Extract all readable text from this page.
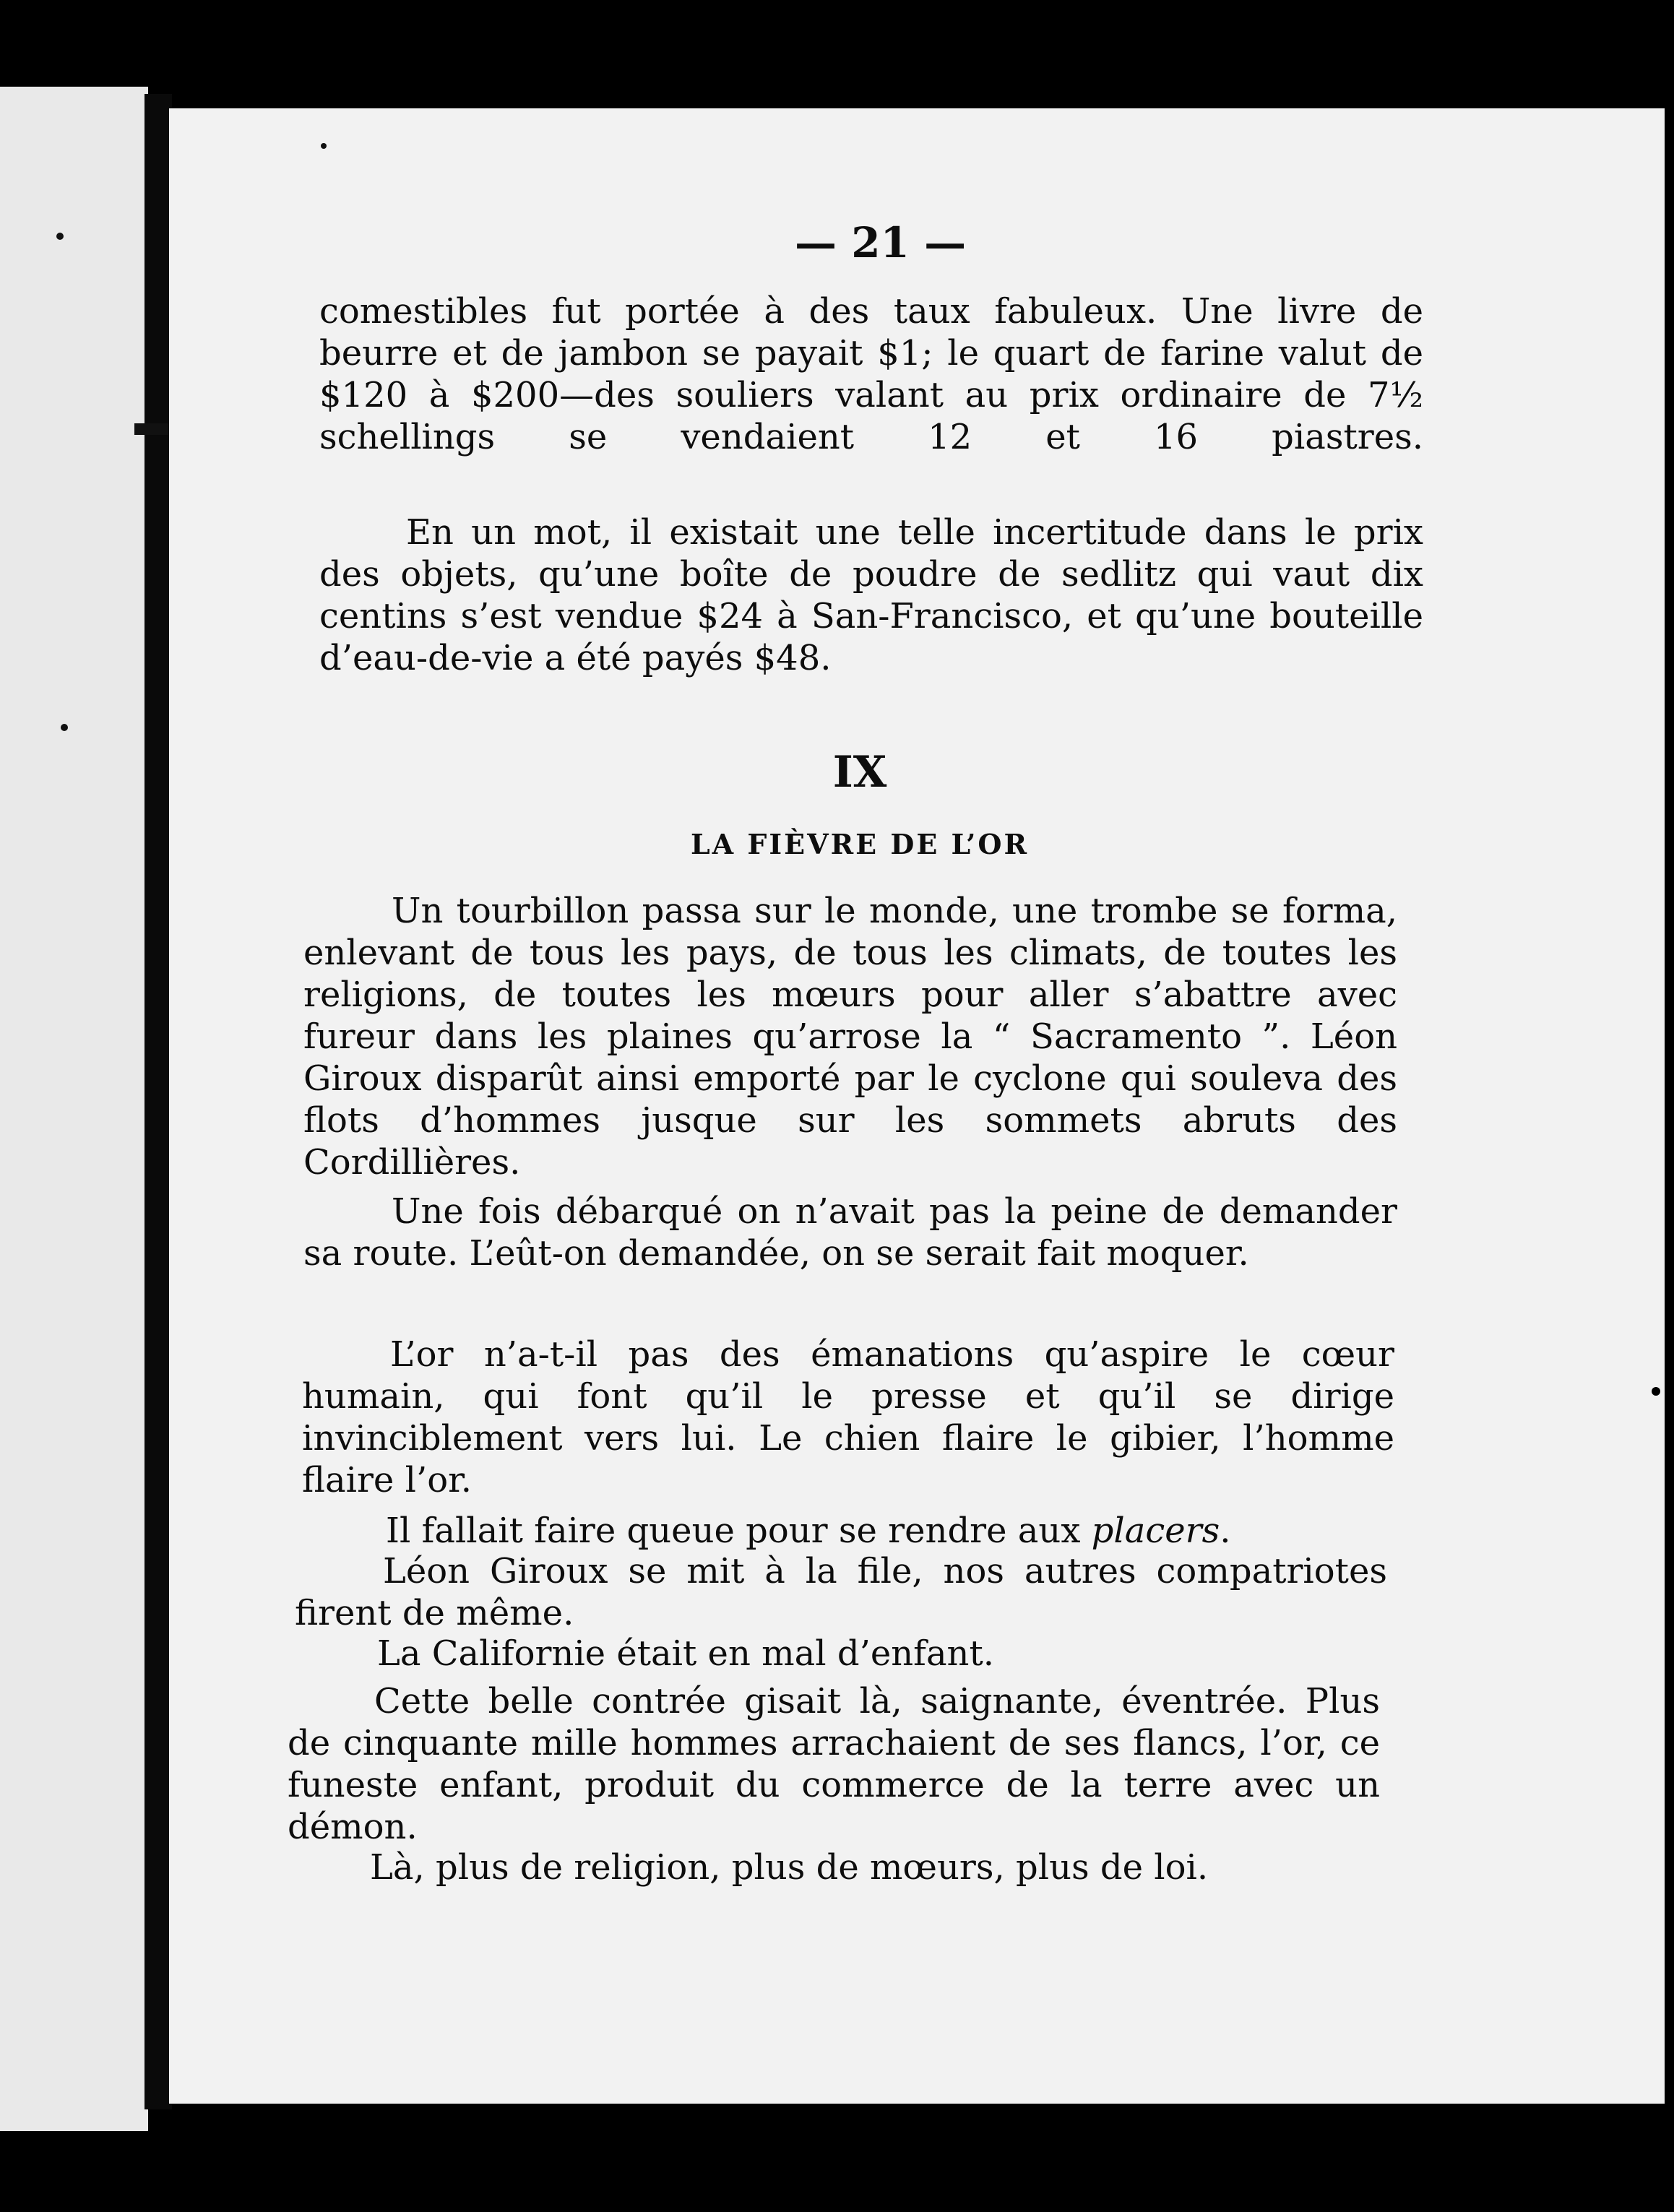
— 21 —

comestibles fut portée à des taux fabuleux. Une livre de beurre et de jambon se payait $1; le quart de farine valut de $120 à $200—des souliers valant au prix ordinaire de 7½ schellings se vendaient 12 et 16 piastres.

En un mot, il existait une telle incertitude dans le prix des objets, qu’une boîte de poudre de sedlitz qui vaut dix centins s’est vendue $24 à San-Francisco, et qu’une bouteille d’eau-de-vie a été payés $48.

IX
LA FIÈVRE DE L’OR

Un tourbillon passa sur le monde, une trombe se forma, enlevant de tous les pays, de tous les climats, de toutes les religions, de toutes les mœurs pour aller s’abattre avec fureur dans les plaines qu’arrose la “ Sacramento ”. Léon Giroux disparût ainsi emporté par le cyclone qui souleva des flots d’hommes jusque sur les sommets abruts des Cordillières.

Une fois débarqué on n’avait pas la peine de demander sa route. L’eût-on demandée, on se serait fait moquer.

L’or n’a-t-il pas des émanations qu’aspire le cœur humain, qui font qu’il le presse et qu’il se dirige invinciblement vers lui. Le chien flaire le gibier, l’homme flaire l’or.

Il fallait faire queue pour se rendre aux placers.

Léon Giroux se mit à la file, nos autres compatriotes firent de même.

La Californie était en mal d’enfant.

Cette belle contrée gisait là, saignante, éventrée. Plus de cinquante mille hommes arrachaient de ses flancs, l’or, ce funeste enfant, produit du commerce de la terre avec un démon.

Là, plus de religion, plus de mœurs, plus de loi.
